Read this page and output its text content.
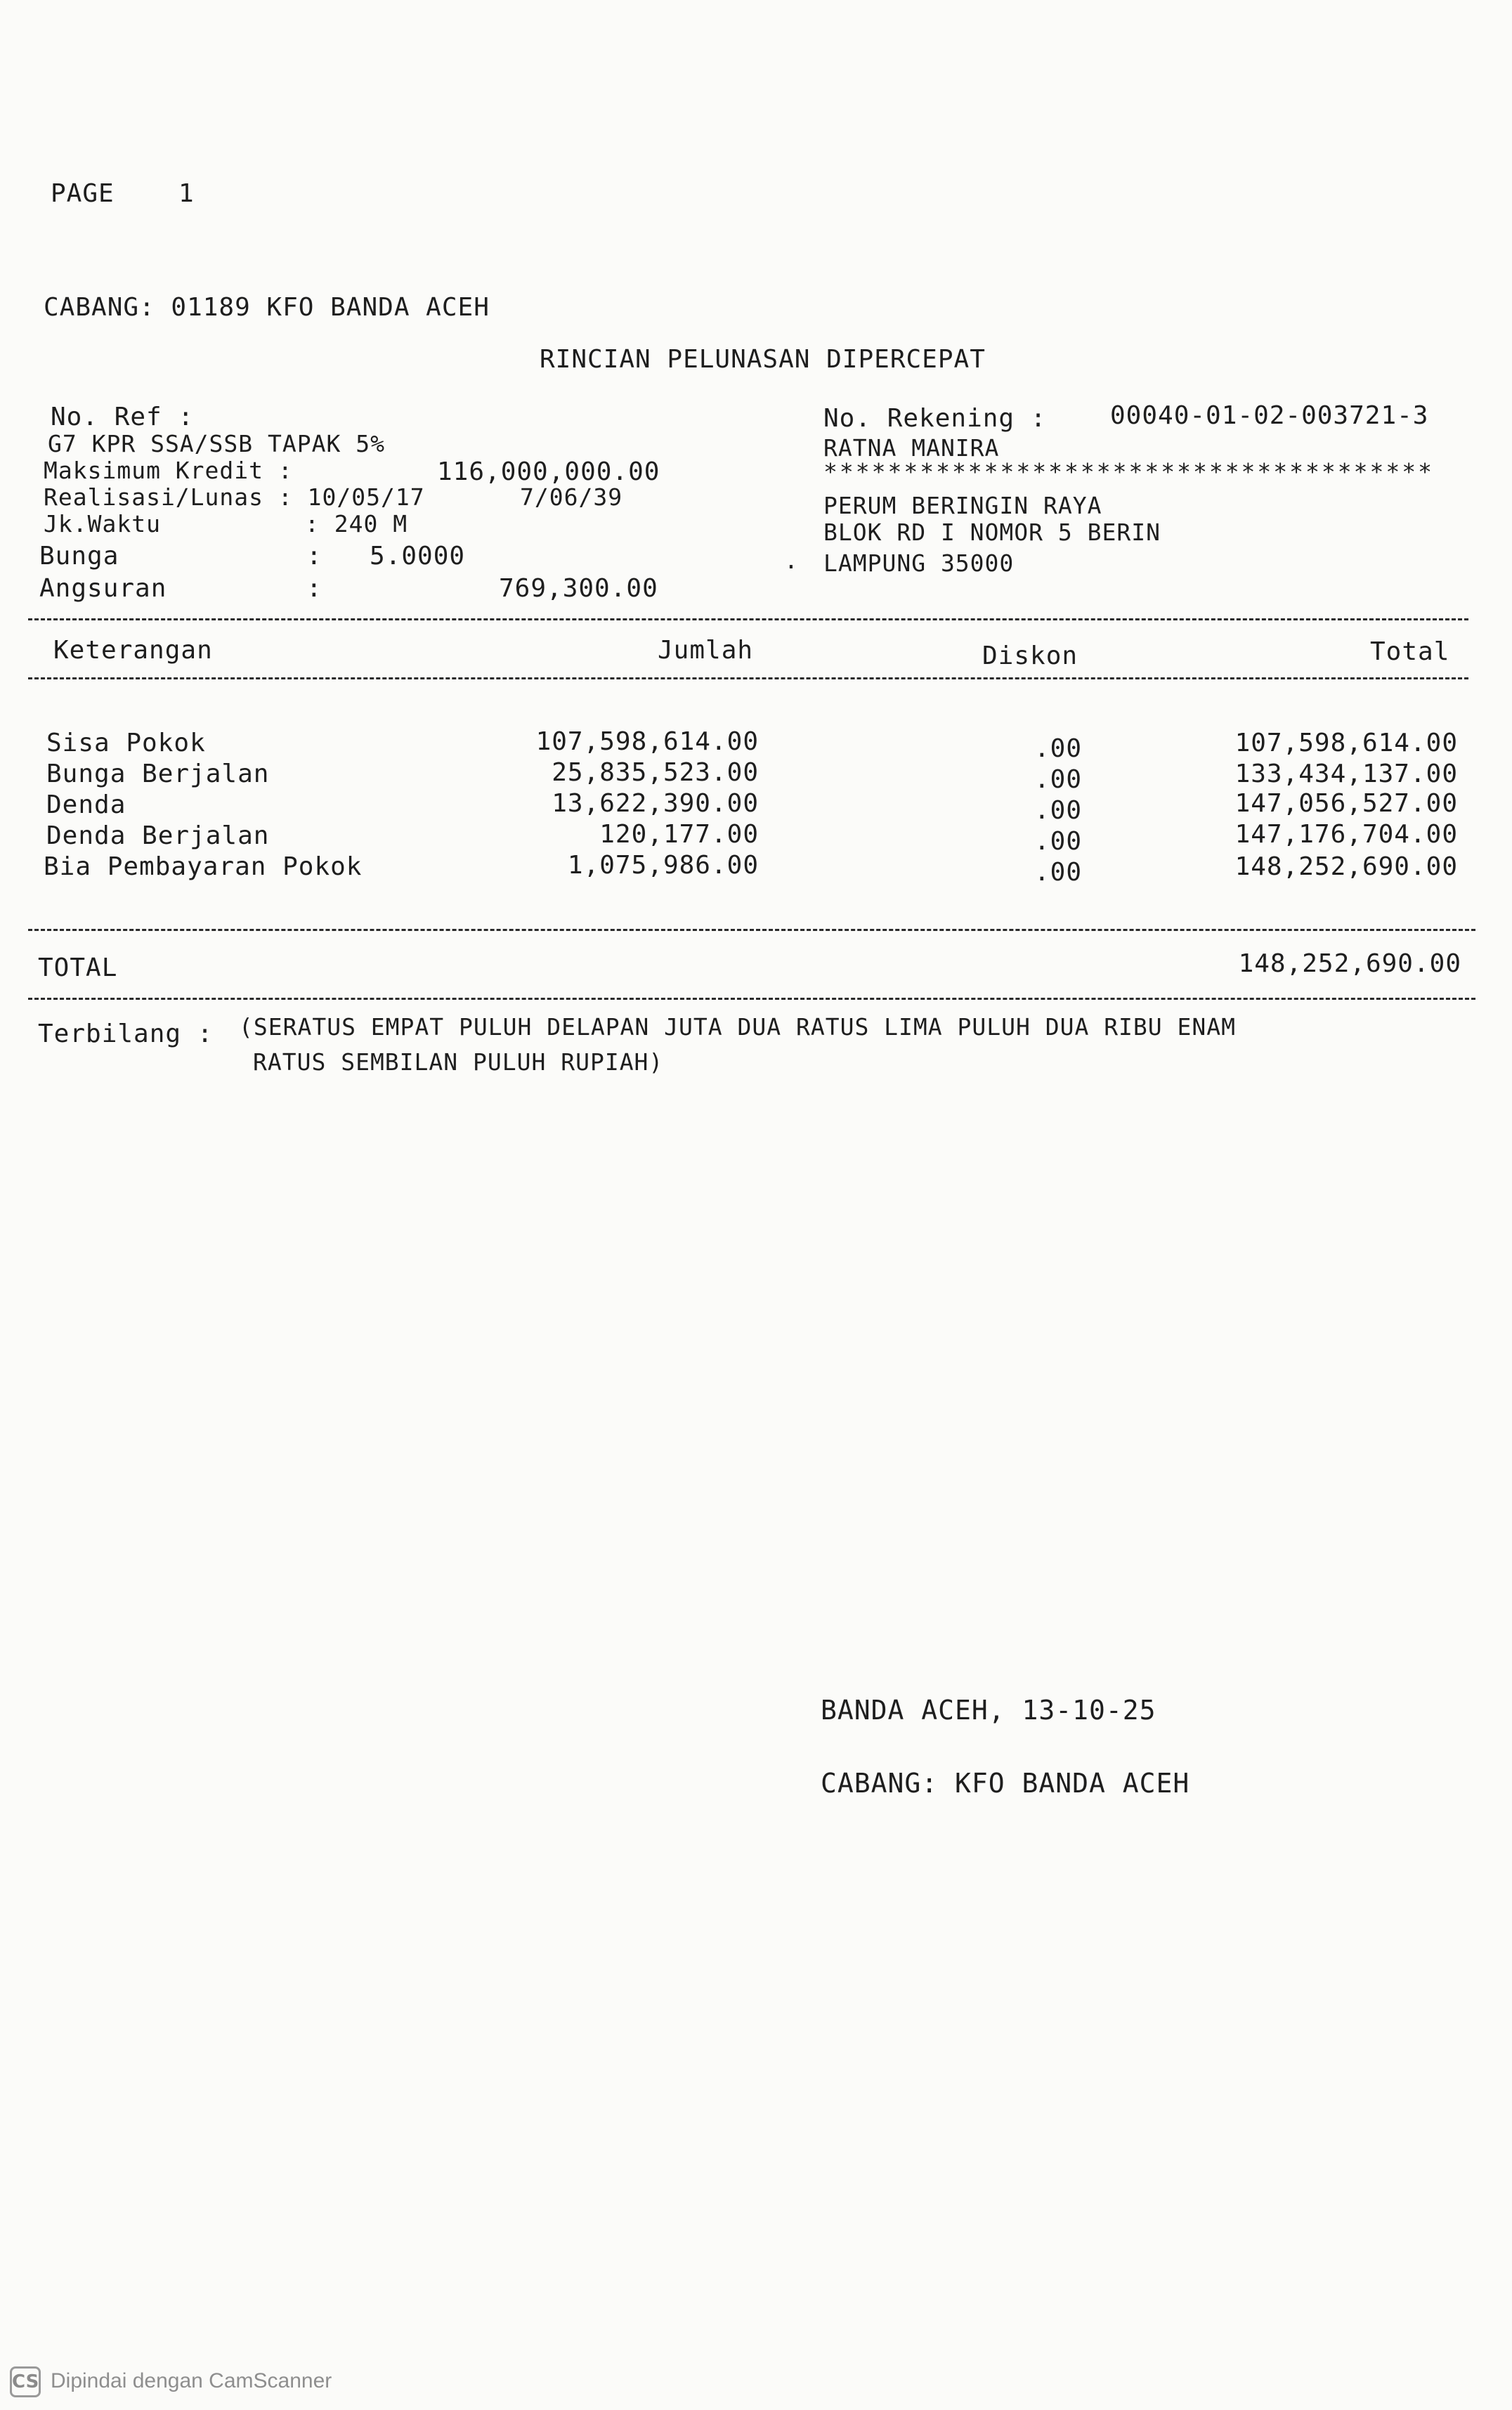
PAGE	1
CABANG: 01189 KFO BANDA ACEH
RINCIAN PELUNASAN DIPERCEPAT
No. Ref :
G7 KPR SSA/SSB TAPAK 5%
Maksimum Kredit :	116,000,000.00
Realisasi/Lunas : 10/05/17	7/06/39
Jk.Waktu	: 240 M
Bunga	: 5.0000
Angsuran	:	769,300.00
No. Rekening :	00040-01-02-003721-3
RATNA MANIRA
**************************************
PERUM BERINGIN RAYA
BLOK RD I NOMOR 5 BERIN
. LAMPUNG 35000
Keterangan	Jumlah	Diskon	Total
Sisa Pokok	107,598,614.00	.00	107,598,614.00
Bunga Berjalan	25,835,523.00	.00	133,434,137.00
Denda	13,622,390.00	.00	147,056,527.00
Denda Berjalan	120,177.00	.00	147,176,704.00
Bia Pembayaran Pokok	1,075,986.00	.00	148,252,690.00
TOTAL	148,252,690.00
Terbilang : (SERATUS EMPAT PULUH DELAPAN JUTA DUA RATUS LIMA PULUH DUA RIBU ENAM
RATUS SEMBILAN PULUH RUPIAH)
BANDA ACEH, 13-10-25
CABANG: KFO BANDA ACEH
CS Dipindai dengan CamScanner
